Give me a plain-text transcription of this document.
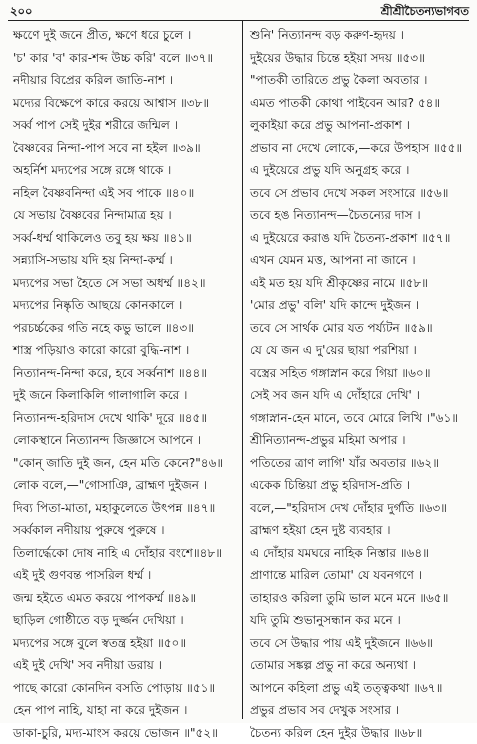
২০০	শ্রীশ্রীচৈতন্যভাগবত
ক্ষণেে দুই জনে প্রীত, ক্ষণে ধরে চুলে ।
'চ' কার 'ব' কার-শব্দ উচ্চ করি' বলে ॥৩৭॥
নদীয়ার বিপ্রের করিল জাতি-নাশ ।
মদ্যের বিক্ষেপে কারে করয়ে আশ্বাস ॥৩৮॥
সর্ব্ব পাপ সেই দুইর শরীরে জন্মিল ।
বৈষ্ণবের নিন্দা-পাপ সবে না হইল ॥৩৯॥
অহর্নিশ মদ্যপের সঙ্গে রঙ্গে থাকে ।
নহিল বৈষ্ণবনিন্দা এই সব পাকে ॥৪০॥
যে সভায় বৈষ্ণবের নিন্দামাত্র হয় ।
সর্ব্ব-ধর্ম্ম থাকিলেও তবু হয় ক্ষয় ॥৪১॥
সন্ন্যাসি-সভায় যদি হয় নিন্দা-কর্ম্ম ।
মদ্যপের সভা হৈতে সে সভা অধর্ম্ম ॥৪২॥
মদ্যপের নিষ্কৃতি আছয়ে কোনকালে ।
পরচর্চ্চকের গতি নহে কভু ভালে ॥৪৩॥
শাস্ত্র পড়িয়াও কারো কারো বুদ্ধি-নাশ ।
নিত্যানন্দ-নিন্দা করে, হবে সর্ব্বনাশ ॥৪৪॥
দুই জনে কিলাকিলি গালাগালি করে ।
নিত্যানন্দ-হরিদাস দেখে থাকি' দূরে ॥৪৫॥
লোকস্থানে নিত্যানন্দ জিজ্ঞাসে আপনে ।
"কোন্ জাতি দুই জন, হেন মতি কেনে?"৪৬॥
লোক বলে,—"গোসাঞি, ব্রাহ্মণ দুইজন ।
দিব্য পিতা-মাতা, মহাকুলেতে উৎপন্ন ॥৪৭॥
সর্ব্বকাল নদীয়ায় পুরুষে পুরুষে ।
তিলার্দ্ধেকো দোষ নাহি এ দোঁহার বংশে॥৪৮॥
এই দুই গুণবন্ত পাসরিল ধর্ম্ম ।
জন্ম হইতে এমত করয়ে পাপকর্ম্ম ॥৪৯॥
ছাড়িল গোষ্ঠীতে বড় দুর্জ্জন দেখিয়া ।
মদ্যপের সঙ্গে বুলে স্বতন্ত্র হইয়া ॥৫০॥
এই দুই দেখি' সব নদীয়া ডরায় ।
পাছে কারো কোনদিন বসতি পোড়ায় ॥৫১॥
হেন পাপ নাহি, যাহা না করে দুইজন ।
ডাকা-চুরি, মদ্য-মাংস করয়ে ভোজন ॥"৫২॥
শুনি' নিত্যানন্দ বড় করুণ-হৃদয় ।
দুইয়ের উদ্ধার চিন্তে হইয়া সদয় ॥৫৩॥
"পাতকী তারিতে প্রভু কৈলা অবতার ।
এমত পাতকী কোথা পাইবেন আর? ৫৪॥
লুকাইয়া করে প্রভু আপনা-প্রকাশ ।
প্রভাব না দেখে লোকে,—করে উপহাস ॥৫৫॥
এ দুইয়েরে প্রভু যদি অনুগ্রহ করে ।
তবে সে প্রভাব দেখে সকল সংসারে ॥৫৬॥
তবে হঙ নিত্যানন্দ—চৈতন্যের দাস ।
এ দুইয়েরে করাঙ যদি চৈতন্য-প্রকাশ ॥৫৭॥
এখন যেমন মত্ত, আপনা না জানে ।
এই মত হয় যদি শ্রীকৃষ্ণের নামে ॥৫৮॥
'মোর প্রভু' বলি' যদি কান্দে দুইজন ।
তবে সে সার্থক মোর যত পর্য্যটন ॥৫৯॥
যে যে জন এ দু'য়ের ছায়া পরশিয়া ।
বস্ত্রের সহিত গঙ্গাস্নান করে গিয়া ॥৬০॥
সেই সব জন যদি এ দোঁহারে দেখি' ।
গঙ্গাস্নান-হেন মানে, তবে মোরে লিখি ।"৬১॥
শ্রীনিত্যানন্দ-প্রভুর মহিমা অপার ।
পতিতের ত্রাণ লাগি' যাঁর অবতার ॥৬২॥
একেক চিন্তিয়া প্রভু হরিদাস-প্রতি ।
বলে,—"হরিদাস দেখ দোঁহার দুর্গতি ॥৬৩॥
ব্রাহ্মণ হইয়া হেন দুষ্ট ব্যবহার ।
এ দোঁহার যমঘরে নাহিক নিস্তার ॥৬৪॥
প্রাণান্তে মারিল তোমা' যে যবনগণে ।
তাহারও করিলা তুমি ভাল মনে মনে ॥৬৫॥
যদি তুমি শুভানুসন্ধান কর মনে ।
তবে সে উদ্ধার পায় এই দুইজনে ॥৬৬॥
তোমার সঙ্কল্প প্রভু না করে অন্যথা ।
আপনে কহিলা প্রভু এই তত্ত্বকথা ॥৬৭॥
প্রভুর প্রভাব সব দেখুক সংসার ।
চৈতন্য করিল হেন দুইর উদ্ধার ॥৬৮॥
